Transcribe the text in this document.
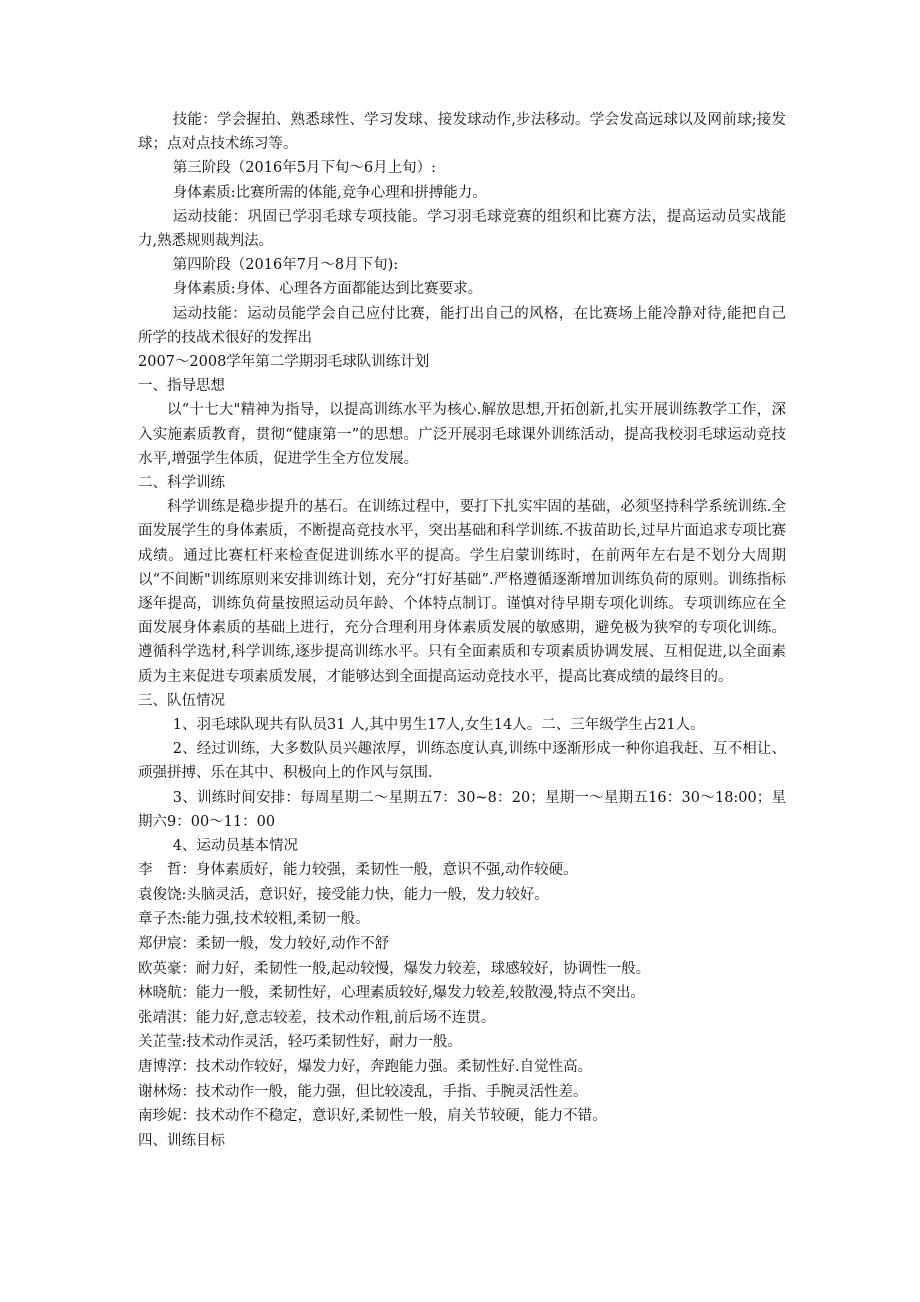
技能：学会握拍、熟悉球性、学习发球、接发球动作,步法移动。学会发高远球以及网前球;接发球；点对点技术练习等。

第三阶段（2016年5月下旬～6月上旬）:

身体素质:比赛所需的体能,竞争心理和拼搏能力。

运动技能：巩固已学羽毛球专项技能。学习羽毛球竞赛的组织和比赛方法，提高运动员实战能力,熟悉规则裁判法。

第四阶段（2016年7月～8月下旬):

身体素质:身体、心理各方面都能达到比赛要求。

运动技能：运动员能学会自己应付比赛，能打出自己的风格，在比赛场上能冷静对待,能把自己所学的技战术很好的发挥出

2007～2008学年第二学期羽毛球队训练计划

一、指导思想

以“十七大"精神为指导，以提高训练水平为核心.解放思想,开拓创新,扎实开展训练教学工作，深入实施素质教育，贯彻“健康第一”的思想。广泛开展羽毛球课外训练活动，提高我校羽毛球运动竞技水平,增强学生体质，促进学生全方位发展。

二、科学训练

科学训练是稳步提升的基石。在训练过程中，要打下扎实牢固的基础，必须坚持科学系统训练.全面发展学生的身体素质，不断提高竞技水平，突出基础和科学训练.不拔苗助长,过早片面追求专项比赛成绩。通过比赛杠杆来检查促进训练水平的提高。学生启蒙训练时，在前两年左右是不划分大周期以“不间断"训练原则来安排训练计划，充分“打好基础”.严格遵循逐渐增加训练负荷的原则。训练指标逐年提高，训练负荷量按照运动员年龄、个体特点制订。谨慎对待早期专项化训练。专项训练应在全面发展身体素质的基础上进行，充分合理利用身体素质发展的敏感期，避免极为狭窄的专项化训练。遵循科学选材,科学训练,逐步提高训练水平。只有全面素质和专项素质协调发展、互相促进,以全面素质为主来促进专项素质发展，才能够达到全面提高运动竞技水平，提高比赛成绩的最终目的。

三、队伍情况

1、羽毛球队现共有队员31 人,其中男生17人,女生14人。二、三年级学生占21人。

2、经过训练，大多数队员兴趣浓厚，训练态度认真,训练中逐渐形成一种你追我赶、互不相让、顽强拼搏、乐在其中、积极向上的作风与氛围.

3、训练时间安排：每周星期二～星期五7：30~8：20；星期一～星期五16：30～18:00；星期六9：00～11：00

4、运动员基本情况

李　哲：身体素质好，能力较强，柔韧性一般，意识不强,动作较硬。

袁俊饶:头脑灵活，意识好，接受能力快，能力一般，发力较好。

章子杰:能力强,技术较粗,柔韧一般。

郑伊宸：柔韧一般，发力较好,动作不舒

欧英豪：耐力好，柔韧性一般,起动较慢，爆发力较差，球感较好，协调性一般。

林晓航：能力一般，柔韧性好，心理素质较好,爆发力较差,较散漫,特点不突出。

张靖淇：能力好,意志较差，技术动作粗,前后场不连贯。

关芷莹:技术动作灵活，轻巧柔韧性好，耐力一般。

唐博淳：技术动作较好，爆发力好，奔跑能力强。柔韧性好.自觉性高。

谢林炀：技术动作一般，能力强，但比较凌乱，手指、手腕灵活性差。

南珍妮：技术动作不稳定，意识好,柔韧性一般，肩关节较硬，能力不错。

四、训练目标
